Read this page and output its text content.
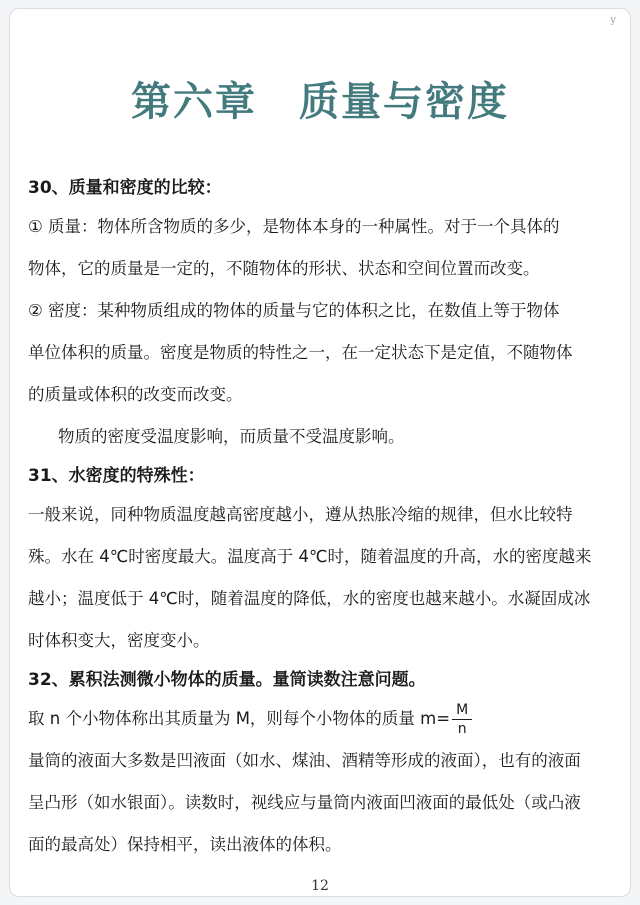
y
第六章　质量与密度
30、质量和密度的比较：
① 质量：物体所含物质的多少，是物体本身的一种属性。对于一个具体的
物体，它的质量是一定的，不随物体的形状、状态和空间位置而改变。
② 密度：某种物质组成的物体的质量与它的体积之比，在数值上等于物体
单位体积的质量。密度是物质的特性之一，在一定状态下是定值，不随物体
的质量或体积的改变而改变。
物质的密度受温度影响，而质量不受温度影响。
31、水密度的特殊性：
一般来说，同种物质温度越高密度越小，遵从热胀冷缩的规律，但水比较特
殊。水在 4℃时密度最大。温度高于 4℃时，随着温度的升高，水的密度越来
越小；温度低于 4℃时，随着温度的降低，水的密度也越来越小。水凝固成冰
时体积变大，密度变小。
32、累积法测微小物体的质量。量筒读数注意问题。
取 n 个小物体称出其质量为 M，则每个小物体的质量 $m= \frac{M}{n}$
量筒的液面大多数是凹液面（如水、煤油、酒精等形成的液面），也有的液面
呈凸形（如水银面）。读数时，视线应与量筒内液面凹液面的最低处（或凸液
面的最高处）保持相平，读出液体的体积。
12
